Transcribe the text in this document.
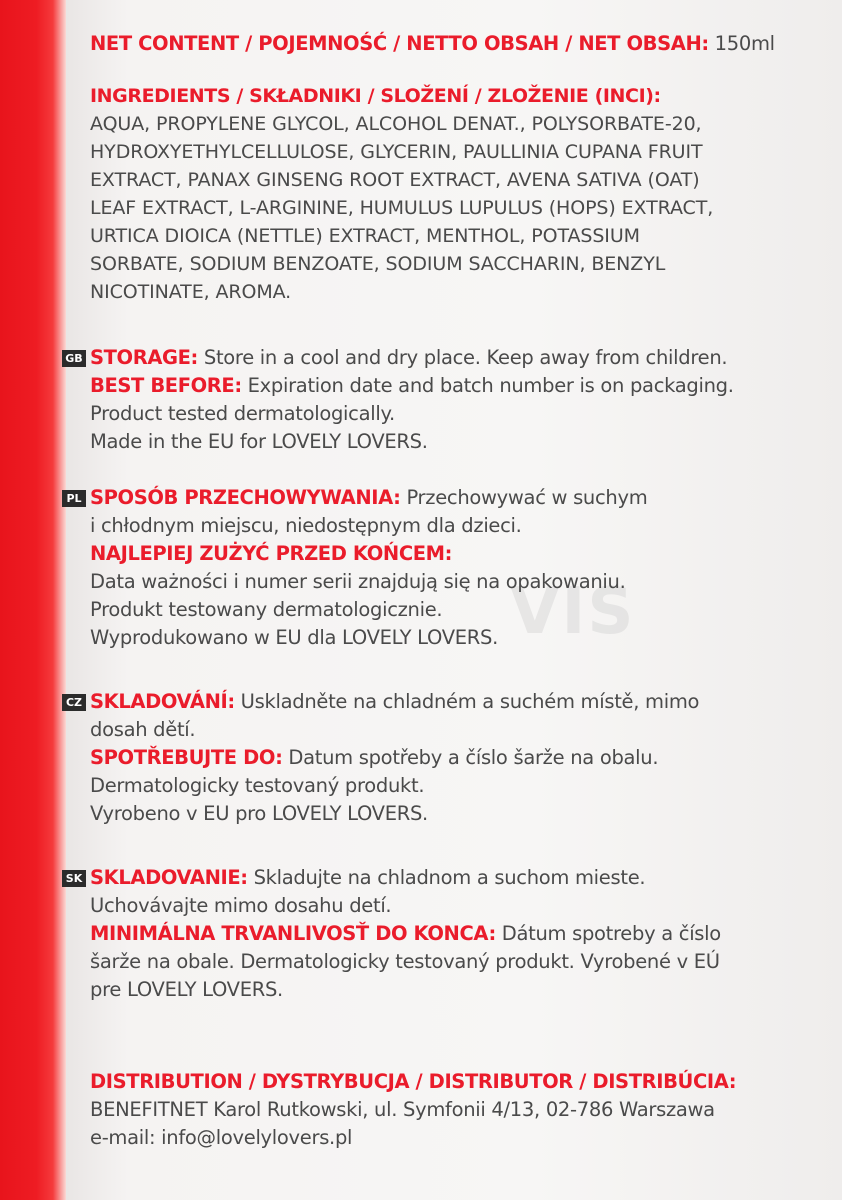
VIS
NET CONTENT / POJEMNOŚĆ / NETTO OBSAH / NET OBSAH: 150ml
INGREDIENTS / SKŁADNIKI / SLOŽENÍ / ZLOŽENIE (INCI):
AQUA, PROPYLENE GLYCOL, ALCOHOL DENAT., POLYSORBATE-20,
HYDROXYETHYLCELLULOSE, GLYCERIN, PAULLINIA CUPANA FRUIT
EXTRACT, PANAX GINSENG ROOT EXTRACT, AVENA SATIVA (OAT)
LEAF EXTRACT, L-ARGININE, HUMULUS LUPULUS (HOPS) EXTRACT,
URTICA DIOICA (NETTLE) EXTRACT, MENTHOL, POTASSIUM
SORBATE, SODIUM BENZOATE, SODIUM SACCHARIN, BENZYL
NICOTINATE, AROMA.
GB STORAGE: Store in a cool and dry place. Keep away from children.
BEST BEFORE: Expiration date and batch number is on packaging.
Product tested dermatologically.
Made in the EU for LOVELY LOVERS.
PL SPOSÓB PRZECHOWYWANIA: Przechowywać w suchym
i chłodnym miejscu, niedostępnym dla dzieci.
NAJLEPIEJ ZUŻYĆ PRZED KOŃCEM:
Data ważności i numer serii znajdują się na opakowaniu.
Produkt testowany dermatologicznie.
Wyprodukowano w EU dla LOVELY LOVERS.
CZ SKLADOVÁNÍ: Uskladněte na chladném a suchém místě, mimo
dosah dětí.
SPOTŘEBUJTE DO: Datum spotřeby a číslo šarže na obalu.
Dermatologicky testovaný produkt.
Vyrobeno v EU pro LOVELY LOVERS.
SK SKLADOVANIE: Skladujte na chladnom a suchom mieste.
Uchovávajte mimo dosahu detí.
MINIMÁLNA TRVANLIVOSŤ DO KONCA: Dátum spotreby a číslo
šarže na obale. Dermatologicky testovaný produkt. Vyrobené v EÚ
pre LOVELY LOVERS.
DISTRIBUTION / DYSTRYBUCJA / DISTRIBUTOR / DISTRIBÚCIA:
BENEFITNET Karol Rutkowski, ul. Symfonii 4/13, 02-786 Warszawa
e-mail: info@lovelylovers.pl
